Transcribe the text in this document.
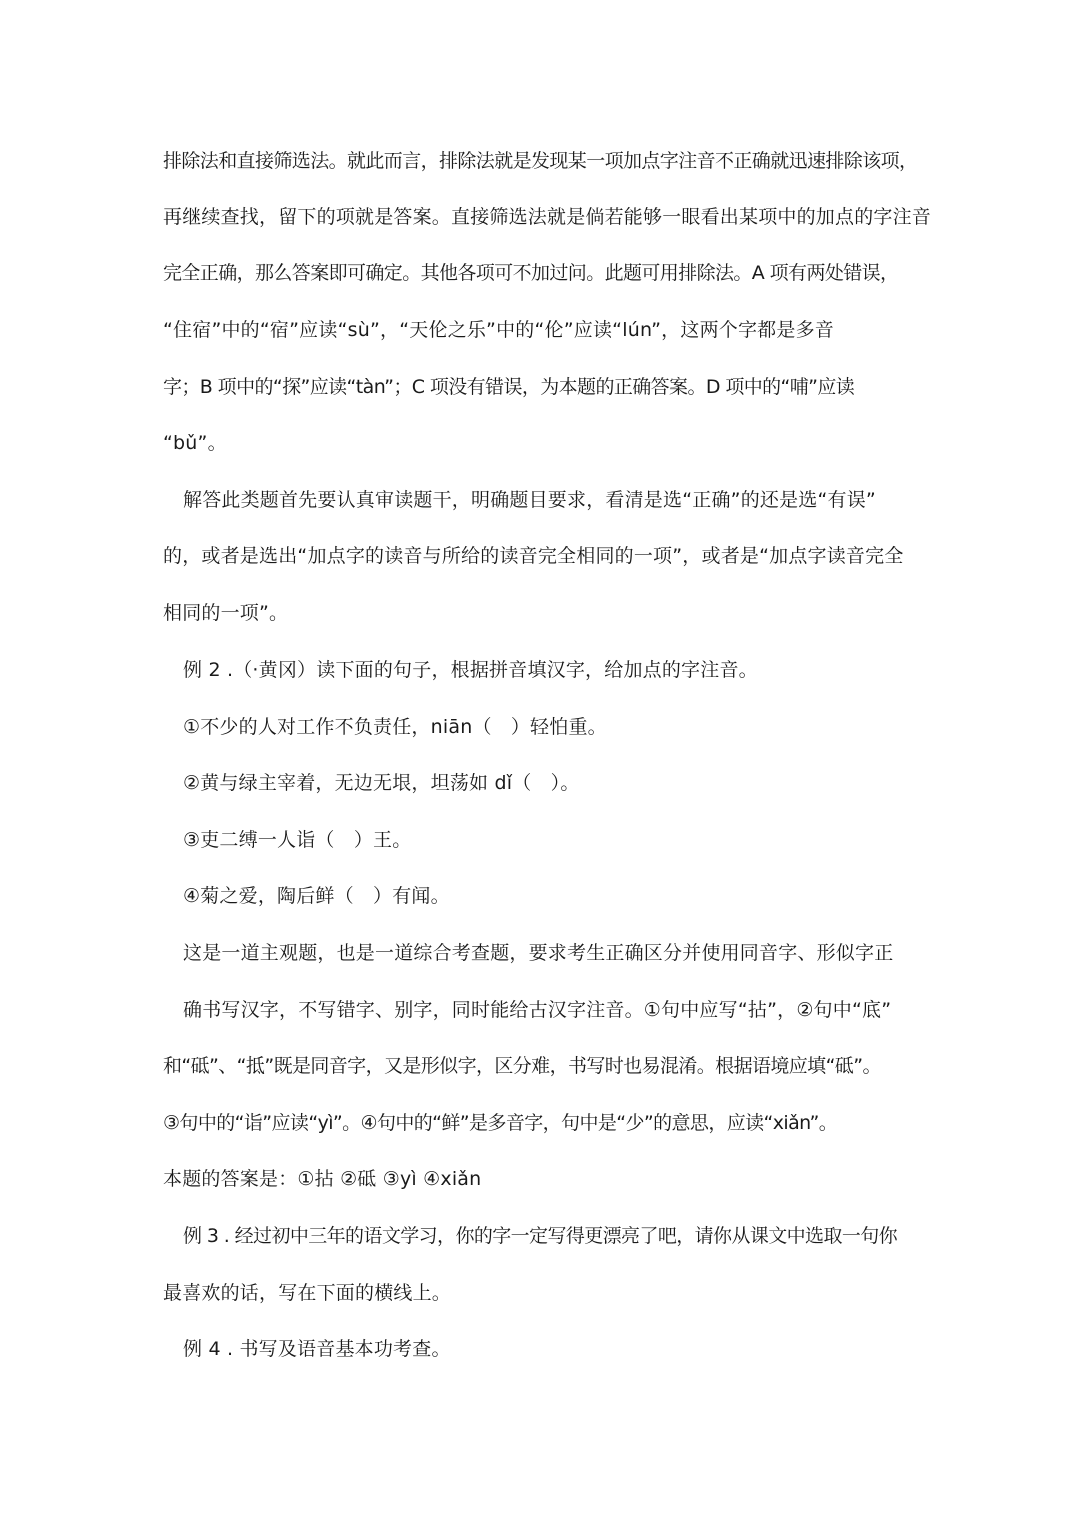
排除法和直接筛选法。就此而言，排除法就是发现某一项加点字注音不正确就迅速排除该项，
再继续查找，留下的项就是答案。直接筛选法就是倘若能够一眼看出某项中的加点的字注音
完全正确，那么答案即可确定。其他各项可不加过问。此题可用排除法。A 项有两处错误，
“住宿”中的“宿”应读“sù”，“天伦之乐”中的“伦”应读“lún”，这两个字都是多音
字；B 项中的“探”应读“tàn”；C 项没有错误，为本题的正确答案。D 项中的“哺”应读
“bǔ”。
解答此类题首先要认真审读题干，明确题目要求，看清是选“正确”的还是选“有误”
的，或者是选出“加点字的读音与所给的读音完全相同的一项”，或者是“加点字读音完全
相同的一项”。
例 2 .（·黄冈）读下面的句子，根据拼音填汉字，给加点的字注音。
①不少的人对工作不负责任，niān（　）轻怕重。
②黄与绿主宰着，无边无垠，坦荡如 dǐ（　）。
③吏二缚一人诣（　）王。
④菊之爱，陶后鲜（　）有闻。
这是一道主观题，也是一道综合考查题，要求考生正确区分并使用同音字、形似字正
确书写汉字，不写错字、别字，同时能给古汉字注音。①句中应写“拈”，②句中“底”
和“砥”、“抵”既是同音字，又是形似字，区分难，书写时也易混淆。根据语境应填“砥”。
③句中的“诣”应读“yì”。④句中的“鲜”是多音字，句中是“少”的意思，应读“xiǎn”。
本题的答案是：①拈 ②砥 ③yì ④xiǎn
例 3 . 经过初中三年的语文学习，你的字一定写得更漂亮了吧，请你从课文中选取一句你
最喜欢的话，写在下面的横线上。
例 4 . 书写及语音基本功考查。
